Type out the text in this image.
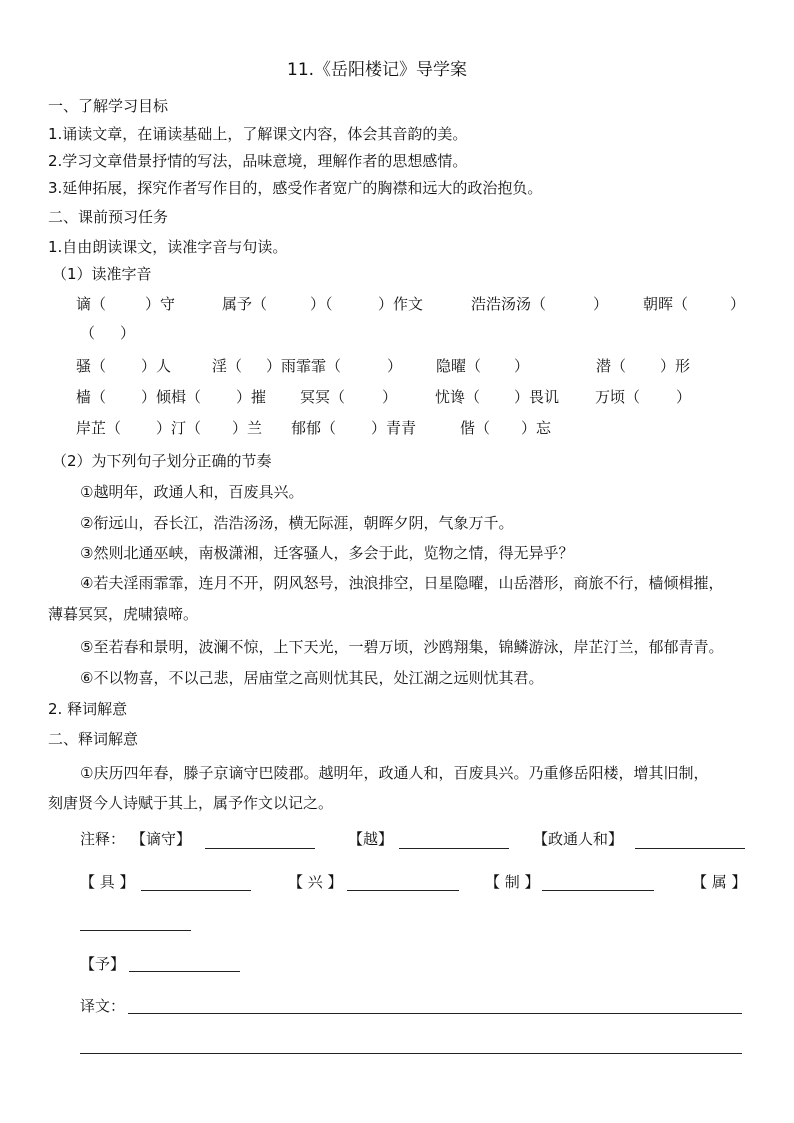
11.《岳阳楼记》导学案
一、了解学习目标
1.诵读文章，在诵读基础上，了解课文内容，体会其音韵的美。
2.学习文章借景抒情的写法，品味意境，理解作者的思想感情。
3.延伸拓展，探究作者写作目的，感受作者宽广的胸襟和远大的政治抱负。
二、课前预习任务
1.自由朗读课文，读准字音与句读。
（1）读准字音
谪（	）守	属予（	）（	）作文	浩浩汤汤（	） 朝晖（	）
（ ）
骚（ ）人	淫（ ）雨霏霏（	） 隐曜（ ）	潜（ ）形
樯（ ）倾楫（ ）摧 冥冥（ ）	忧谗（ ）畏讥 万顷（ ）
岸芷（ ）汀（ ）兰 郁郁（ ）青青	偕（ ）忘
（2）为下列句子划分正确的节奏
①越明年，政通人和，百废具兴。
②衔远山，吞长江，浩浩汤汤，横无际涯，朝晖夕阴，气象万千。
③然则北通巫峡，南极潇湘，迁客骚人，多会于此，览物之情，得无异乎？
④若夫淫雨霏霏，连月不开，阴风怒号，浊浪排空，日星隐曜，山岳潜形，商旅不行，樯倾楫摧，
薄暮冥冥，虎啸猿啼。
⑤至若春和景明，波澜不惊，上下天光，一碧万顷，沙鸥翔集，锦鳞游泳，岸芷汀兰，郁郁青青。
⑥不以物喜，不以己悲，居庙堂之高则忧其民，处江湖之远则忧其君。
2. 释词解意
二、释词解意
①庆历四年春，滕子京谪守巴陵郡。越明年，政通人和，百废具兴。乃重修岳阳楼，增其旧制，
刻唐贤今人诗赋于其上，属予作文以记之。
注释： 【谪守】	【越】	【政通人和】
【 具 】	【 兴 】	【 制 】	【 属 】
【予】
译文：
